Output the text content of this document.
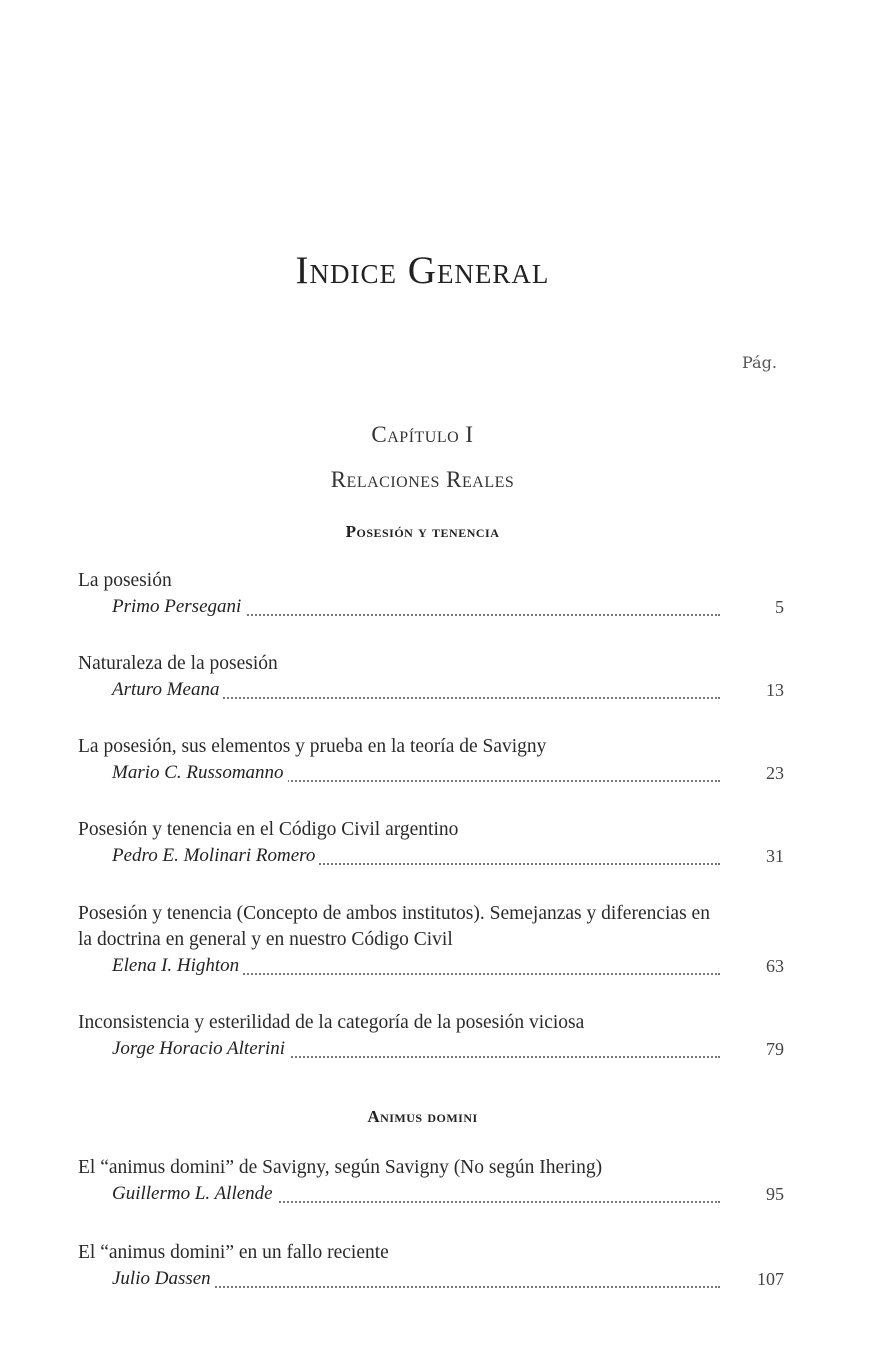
Indice General
Pág.
Capítulo I
Relaciones Reales
Posesión y tenencia
La posesión
Primo Persegani	5
Naturaleza de la posesión
Arturo Meana	13
La posesión, sus elementos y prueba en la teoría de Savigny
Mario C. Russomanno	23
Posesión y tenencia en el Código Civil argentino
Pedro E. Molinari Romero	31
Posesión y tenencia (Concepto de ambos institutos). Semejanzas y diferencias en la doctrina en general y en nuestro Código Civil
Elena I. Highton	63
Inconsistencia y esterilidad de la categoría de la posesión viciosa
Jorge Horacio Alterini	79
Animus domini
El “animus domini” de Savigny, según Savigny (No según Ihering)
Guillermo L. Allende	95
El “animus domini” en un fallo reciente
Julio Dassen	107
